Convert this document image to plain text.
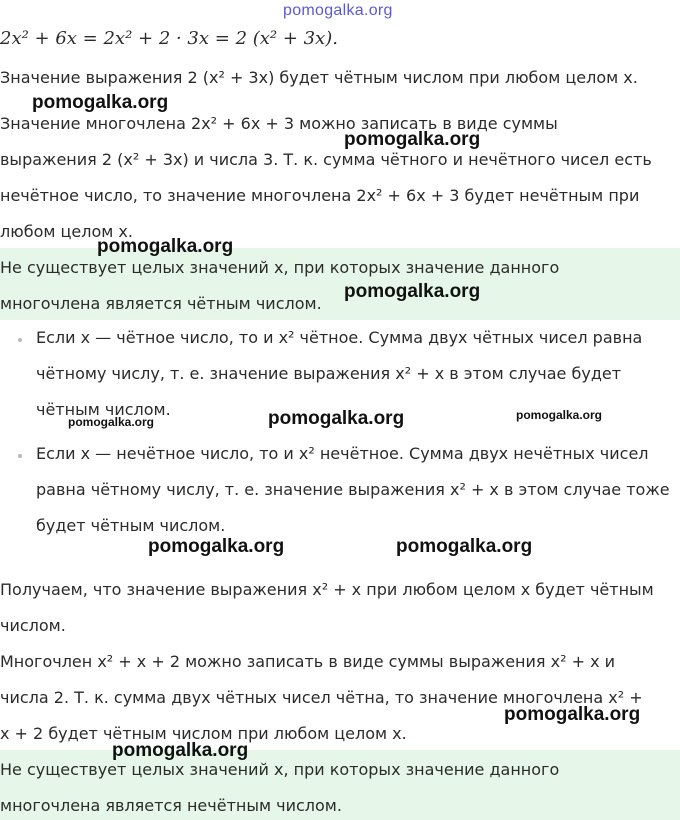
pomogalka.org
2x² + 6x = 2x² + 2 · 3x = 2 (x² + 3x).
Значение выражения 2 (x² + 3x) будет чётным числом при любом целом x.
Значение многочлена 2x² + 6x + 3 можно записать в виде суммы
выражения 2 (x² + 3x) и числа 3. Т. к. сумма чётного и нечётного чисел есть
нечётное число, то значение многочлена 2x² + 6x + 3 будет нечётным при
любом целом x.
Не существует целых значений x, при которых значение данного
многочлена является чётным числом.
Если x — чётное число, то и x² чётное. Сумма двух чётных чисел равна
чётному числу, т. е. значение выражения x² + x в этом случае будет
чётным числом.
Если x — нечётное число, то и x² нечётное. Сумма двух нечётных чисел
равна чётному числу, т. е. значение выражения x² + x в этом случае тоже
будет чётным числом.
Получаем, что значение выражения x² + x при любом целом x будет чётным
числом.
Многочлен x² + x + 2 можно записать в виде суммы выражения x² + x и
числа 2. Т. к. сумма двух чётных чисел чётна, то значение многочлена x² +
x + 2 будет чётным числом при любом целом x.
Не существует целых значений x, при которых значение данного
многочлена является нечётным числом.
pomogalka.org
pomogalka.org
pomogalka.org
pomogalka.org
pomogalka.org	pomogalka.org	pomogalka.org
pomogalka.org	pomogalka.org
pomogalka.org
pomogalka.org
